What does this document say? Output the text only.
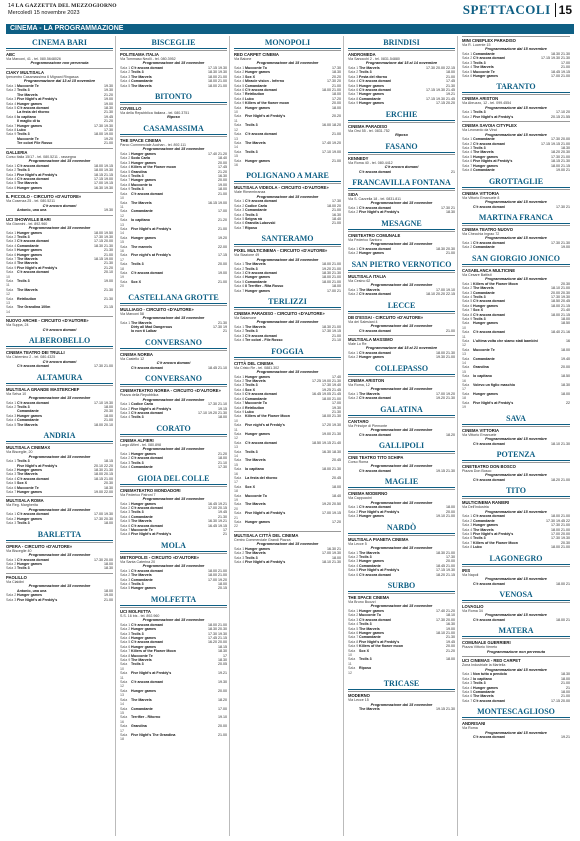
14 LA GAZZETTA DEL MEZZOGIORNO
Mercoledì 15 novembre 2023	SPETTACOLI 15
CINEMA - LA PROGRAMMAZIONE
CINEMA BARI
ABC
Via Marconi, 41 - tel. 080.5648026
Programmazione non pervenuta
CIAKY MULTISALA
Ipercentro Casamassima 6 Mignani Ringasca
Programmazione dal 13 al 15 novembre
Sala 1 Mucconte Te	19.30
Sala 2 Trolls 3	19.30
The Marvels	21.20
Sala 3 Five Night's at Freddy's	19.00
Sala 4 Hunger games	19.00
Sala 5 C'è ancora domani	18.30
La festa del ritorno	21.30
Sala 6 Io capitano	19.45
Il maglio di tu	21.20
Sala 7 Hunger games	17.30 19.30
Sala 8 Lubo	17.30
Sala 9 Trolls 3	18.00 19.00
Mucconte Te	19.20
Tre colori File Rosso	21.00
GALLERIA
Corso Italia 15/17 - tel. 080.5211 - rassegna
Programmazione dal 15 novembre
Sala 1 C'è ancora domani	18.00 19.15
Sala 2 Trolls 3	18.00 19.30
Sala 3 Five Night's at Freddy's	18.15 21.15
Sala 4 C'è ancora domani	17.15 19.00
Sala 5 The Marvels	17.00 19.15
Sala 6 Hunger games	16.30 19.30
IL PICCOLO - CIRCUITO «D'AUTORE»
Via Cosenza 25 - tel. 080.5211
C'è ancora domani
Antonio, una una	19.30
UCI SHOWVILLE BARI
Via Giannini - tel. 892.960
Programmazione dal 15 novembre
Sala 1 Hunger games	18.00 19.50
Sala 2 Trolls 3	17.30 19.30
Sala 3 C'è ancora domani	17.15 20.00
Sala 4 Comandante	18.30 21.30
Sala 5 Hunger games	21.30
Sala 6 Hunger games	21.00
Sala 7 The Marvels	18.15 19.00
Sala 8 The Marvels	21.30
Sala 9 Five Night's at Freddy's	21.20
Sala 10
C'è ancora domani	20.10
Sala 11
Trolls 3	19.00
Sala 12
The Marvels	21.30
Sala 13
Retribution	21.30
Sala 14
The Grandina 100m	21.15
NUOVO ARCHE - CIRCUITO «D'AUTORE»
Via Suppa, 24
C'è ancora domani
ALBEROBELLO
CINEMA TEATRO DEI TRULLI
Via Cisternino 2 - tel. 080.4325
C'è ancora domani
C'è ancora domani	17.30 21.00
ALTAMURA
MULTISALA GRANDE MASTERCHEF
Via Selva 10
Programmazione dal 15 novembre
Sala 1 C'è ancora domani	17.10 19.30
Sala 2 Trolls 3	18.00
Comandante	20.30
Sala 3 Hunger games	18.00
Sala 4 Comandante	21.00
Sala 5 The Marvels	18.00 20.10
ANDRIA
MULTISALA CINEMAX
Via Bisceglie, 20
Programmazione dal 15 novembre
Sala 1 Trolls 3	18.15
Five Night's at Freddy's	20.10 22.20
Sala 2 Hunger games	18.30 21.30
Sala 3 The Marvels	18.00 20.15
Sala 4 C'è ancora domani	18.15 21.00
Sala 5 Sox X	20.30
Sala 6 Mucconte Te	18.30
Sala 7 Hunger games	19.00 22.00
MULTISALA ROMA
Via Reg. Margherita
Programmazione dal 15 novembre
Sala 1 C'è ancora domani	17.00 19.30
Sala 2 Hunger games	17.30 20.30
Sala 3 Trolls 3	18.00
BARLETTA
OPERA - CIRCUITO «D'AUTORE»
Via Bisceglie 40
Programmazione dal 15 novembre
Sala 1 C'è ancora domani	17.30 20.00
Sala 2 Hunger games	18.00
Sala 3 Trolls 3	18.30
PAOLILLO
Via Cialdini
Programmazione dal 15 novembre
Antonio, una una	18.00
Sala 2 Hunger games	19.00
Sala 3 Five Night's at Freddy's	21.00
BISCEGLIE
POLITEAMA ITALIA
Via Tommaso Neolli - tel. 080.3952
Programmazione dal 15 novembre
Sala 1 C'è ancora domani	17.15 19.30
Sala 2 Trolls 3	18.30 19.30
Sala 3 The Marvels	18.00 21.00
Sala 4 Comandante	18.00 21.00
Sala 5 The Marvels	18.00 21.00
BITONTO
COVIELLO
Via della Repubblica Italiana - tel. 080.3751
Riposo
CASAMASSIMA
THE SPACE CINEMA
Parco Commerciale Auchan - tel. 892.111
Programmazione dal 15 novembre
Sala 1 Hunger games	17.40 21.20
Sala 2 Sodo Carla	18.40
Sala 3 Hunger games	20.00
Sala 4 Killers of the Flower moon	17.45
Sala 5 Grandina	21.20
Sala 6 Trolls 3	16.30
Sala 7 Hunger games	20.00
Sala 8 Mucconte to	19.00
Sala 9 Trolls 3	18.00
Sala 10
C'è ancora domani	21.00
Sala 11
The Marvels	16.15 19.00
Sala 12
Comandante	17.00
Sala 13
Io capitano	21.20
Sala 14
Five Night's at Freddy's	21.00
Sala 15
Hunger games	19.20
Sala 16
The marvels	22.00
Sala 17
Five night's at Freddy's	17.15
Sala 18
Trolls 3	20.00
Sala 19
C'è ancora domani	19.00
Sala 20
Sox X	21.00
CASTELLANA GROTTE
MULLIAGO - CIRCUITO «D'AUTORE»
Via Marconi 58
Programmazione dal 15 novembre
Sala 1 The Marvels	21.30
Dirty all Mad Dangerous	17.30 19
Io non ti Lalbar	21
CONVERSANO
CINEMA NORBA
Via Castello 12
C'è ancora domani
C'è ancora domani	18.45 21.10
CONVERSANO
CINEMATEATRO NORBA - CIRCUITO «D'AUTORE»
Piazza della Repubblica
Programmazione dal 15 novembre
Sala 1 Codice Carla	17.30 21.10
Sala 2 Five Night's at Freddy's	19.15
Sala 3 C'è ancora domani	17.10 19.20 21.30
Sala 4 Trolls 3	18.00
CORATO
CINEMA ALFIERI
Largo Alfieri - tel. 080.898
Programmazione dal 15 novembre
Sala 1 Hunger games	21.20
Sala 2 C'è ancora domani	18.00
Sala 3 Trolls 3	21.10
Sala 4 Comandante	17.30
GIOIA DEL COLLE
CINEMATEATRO MONDADORI
Via Federico Patroni 7
Programmazione dal 15 novembre
Sala 1 Hunger games	16.45 19.21
Sala 2 C'è ancora domani	17.00 20.15
Sala 3 Trolls 3	19.45
Sala 4 Comandante	21.30
Sala 5 The Marvels	16.30 19.21
Sala 6 C'è ancora domani	16.45 19.15
Sala 7 Mucconte Te	17
Sala 8 Five Night's at Freddy's	21
MOLA
METROPOLIS - CIRCUITO «D'AUTORE»
Via Santa Caterina 20
Programmazione dal 15 novembre
Sala 1 C'è ancora domani	18.00 21.00
Sala 2 The Marvels	18.00 21.00
Sala 3 Comandante	17.00 19.20
Sala 4 Trolls 3	18.00
Sala 5 Hunger games	20.15
MOLFETTA
UCI MOLFETTA
S.S. 16 bis - tel. 892.960
Programmazione dal 15 novembre
Sala 1 C'è ancora domani	18.00 21.00
Sala 2 Hunger games	18.30 20.30
Sala 3 Trolls 3	17.30 19.30
Sala 4 Hunger games	17.45 21.15
Sala 5 C'è ancora domani	16.20 20.00
Sala 6 Hunger games	18.15
Sala 7 Killers of the Flower Moon	18.30
Sala 8 Mucconte Te	17
Sala 9 The Marvels	18.30
Sala 10
Trolls 3	20.05
Sala 11
Five Night's at Freddy's	19.21
Sala 12
C'è ancora domani	19.30
Sala 13
Hunger games	20.00
Sala 14
The Marvels	18.20
Sala 15
Comandante	17.00
Sala 16
Terrifier - Ritorno	19.10
Sala 17
Grandina	20.00
Sala 18
Five Night's The Grandina	21.00
MONOPOLI
RED CARPET CINEMA
Via Baione
Programmazione dal 15 novembre
Sala 1 Mucconte To	17.30
Sala 2 Hunger games	18.30
Sala 3 Sox X	20.20
Sala 4 Miracle vision - Inferno	17.30 20
Sala 5 Comandante	21.00
Sala 6 C'è ancora domani	18.00 21.00
Sala 7 Retribution	18.00
Sala 8 Lubo	17.20
Sala 9 Killers of the flower moon	20.00
Sala 10
Hunger games	18.00
Sala 11
Five Night's at Freddy's	20.20
Sala 12
Trolls 3	16.00 18.20
Sala 13
C'è ancora domani	21.00
Sala 14
The Marvels	17.40 19.20
Sala 15
Trolls 3	17.10 19.00
Sala 16
Hunger games	21.00
POLIGNANO A MARE
MULTISALA VIDEOLA - CIRCUITO «D'AUTORE»
Viale Rimembranza
Programmazione dal 15 novembre
Sala 1 C'è ancora domani	17.30
Sala 2 Codice Carla	18.00 20
Sala 3 Comandante	21.00
Sala 4 Trolls 3	16.30
Sala 5 Seigna nà	18.40
Sala 6 Grandia Lubovski	21.00
Sala 7 Riposo
SANTERAMO
PIXEL MULTICINEMA - CIRCUITO «D'AUTORE»
Via Stazione 49
Programmazione dal 15 novembre
Sala 1 The Marvels	18.00 21.00
Sala 2 Trolls 3	19.20 21.00
Sala 3 C'è ancora domani	18.30 21.30
Sala 4 Hunger games	18.00 21.00
Sala 5 Comandante	18.00 21.00
Sala 6 Il Terrifier - Rita Rosso	18.00
Sala 7 Hunger games	17.00 21
TERLIZZI
CINEMA PARADISO - CIRCUITO «D'AUTORE»
Via Salamone
Programmazione dal 15 novembre
Sala 1 The Marvels	18.30 21.00
Sala 2 Trolls 3	17.30 19.15
Sala 3 C'è ancora domani	21.00
Sala 4 Tre colori - File Rosso	21.10
FOGGIA
CITTÀ DEL CINEMA
Via Cristo Re - tel. 0881.302
Programmazione dal 15 novembre
Sala 1 Hunger games	17.40
Sala 2 The Marvels	17.25 19.00 21.30
Sala 3 Trolls 3	17.30 19.40
Sala 4 Sox X	19.25 21.45
Sala 5 C'è ancora domani	16.45 19.05 21.45
Sala 6 Comandante	18.00 21.00
Sala 7 Mucconte To	17.00
Sala 8 Retribution	19.30
Sala 9 Lubo	21.30
Sala 10
Killers of the Flower Moon	18.00 21.30
Sala 11
Five night's at Freddy's	17.20 19.30
Sala 12
Hunger games	19.00 21.30
Sala 13
C'è ancora domani	18.50 19.15 21.40
Sala 14
Trolls 3	16.30 18.30
Sala 15
The Marvels	20.45
Sala 16
Io capitano	18.00 21.30
Sala 17
La festa del ritorno	20.45
Sala 18
Sox X	18.00
Sala 19
Mucconte To	18.40
Sala 20
The Marvels	19.20 20.50
Sala 21
Five Night's at Freddy's	17.00 19.15
Sala 22
Hunger games	17.20
MULTISALA CITTÀ DEL CINEMA
Centro Commerciale Grandi Piazza
Programmazione dal 15 novembre
Sala 1 Hunger games	16.30 21
Sala 2 The Marvels	17.00 19.30
Sala 3 Trolls 3	18.00
Sala 4 Five Night's at Freddy's	18.10 21.30
BRINDISI
ANDROMEDA
Via Sanocchi 2 - tel. 0831.54880
Programmazione dal 15 al 14 novembre
Sala 1 The Marvels	17.30 20.00 22.15
Sala 2 Trolls 3	18.00
Sala 3 Festa del ritorno	21.00
Sala 4 C'è ancora domani	17.45
Sala 5 Hunger games	21.30
Sala 6 C'è ancora domani	17.15 19.30 21.45
Sala 7 Hunger games	19.21
Sala 8 Comandante	17.15 19.30 21.45
Sala 9 Hunger games	17.15 20.20
ERCHIE
CINEMA PARADISO
Via Orsi 55 - tel. 0831.752
Riposo
FASANO
KENNEDY
Via Roma 40 - tel. 080.4412
C'è ancora domani
C'è ancora domani	21
FRANCAVILLA FONTANA
SIDA
Via S. Cazzella 18 - tel. 0831.811
Programmazione dal 15 novembre
Sala 1 C'è ancora domani	17.30 21
Sala 2 Five Night's at Freddy's	18.30
MESAGNE
CINETEATRO COMUNALE
Via Federico Santoro
Programmazione dal 15 novembre
Sala 1 C'è ancora domani	18.30 20.30
Sala 2 Hunger games	21.00
SAN PIETRO VERNOTICO
MULTISALA ITALIA
Via Cesino 62
Programmazione dal 15 novembre
Sala 1 The Marvels	17.00 19.10
Sala 2 C'è ancora domani	18.10 20.20 22.15
LECCE
DB D'ESSAI - CIRCUITO «D'AUTORE»
Via dei Salesiani 4
Programmazione dal 15 novembre
C'è ancora domani	21.00
MULTISALA MASSIMO
Viale Lo Re
Programmazione dal 15 al 21 novembre
Sala 1 C'è ancora domani	18.00 21.30
Sala 2 Hunger games	19.30 21.00
COLLEPASSO
CINEMA ARISTON
Via Roma, 12
Programmazione dal 15 novembre
Sala 1 The Marvels	17.00 19.20
Sala 2 C'è ancora domani	19.20 21.30
GALATINA
CANTARO
Via Principe di Piemonte
Programmazione dal 15 novembre
C'è ancora domani	18.20
GALLIPOLI
CINE TEATRO TITO SCHIPA
Corso Roma
Programmazione dal 15 novembre
C'è ancora domani	19.15 21.30
MAGLIE
CINEMA MODERNO
Via Cappuccini
Programmazione dal 15 novembre
Sala 1 C'è ancora domani	18.00
Sala 2 Five Night's at Freddy's	20.00
Sala 3 Hunger games	19.10 21.00
NARDÒ
MULTISALA PIANETA CINEMA
Via Lecce 5
Programmazione dal 15 novembre
Sala 1 The Marvels	18.30 21.00
Sala 2 Trolls 3	17.30
Sala 3 Hunger games	20.00
Sala 4 Comandante	18.45 21.00
Sala 5 Five Night's at Freddy's	17.15 19.30
Sala 6 C'è ancora domani	18.20 21.15
SURBO
THE SPACE CINEMA
Via Bruno Buozzi
Programmazione dal 15 novembre
Sala 1 Hunger games	17.40 21.20
Sala 2 Mucconte To	18.10
Sala 3 C'è ancora domani	17.30 20.00
Sala 4 Trolls 3	16.30
Sala 5 The Marvels	19.00
Sala 6 Hunger games	18.10 21.00
Sala 7 Comandante	21.30
Sala 8 Five Night's at Freddy's	19.45
Sala 9 Killers of the flower moon	20.00
Sala 10
Sox X	21.20
Sala 11
Trolls 3	18.00
Sala 12
Riposo
TRICASE
MODERNO
Via Lecce 15
Programmazione dal 15 novembre
The Marvels	19.15 21.30
MINI CINEPLEX PARADISO
Via R. Lucente 15
Programmazione dal 15 novembre
Sala 1 Comandante	18.30 21.30
Sala 2 C'è ancora domani	17.15 19.30 21.30
Sala 3 Trolls 3	17.00
Sala 4 The Marvels	21.00
Sala 5 Mucconte Te	18.45 19.15
Sala 6 Hunger games	17.00 21.00
TARANTO
CINEMA ARISTON
Via Abruzzo, 12 - tel. 099.4554
Programmazione dal 15 novembre
Sala 1 Trolls 3	17.10 20
Sala 2 Five Night's at Freddy's	20.15 21.55
CINEMA SAVOIA CITYPLEX
Via Leonardo da Vinci
Programmazione dal 15 novembre
Sala 1 Comandante	17.30 20.00
Sala 2 C'è ancora domani	17.15 19.15 21.00
Sala 3 Trolls 3	18.30
Sala 4 The Marvels	18.20 20.30
Sala 5 Hunger games	17.30 21.00
Sala 6 Five Nights at Freddy's	18.15 21.30
Sala 7 Hunger games	18.00 21.15
Sala 8 Comandante	19.00 21
GROTTAGLIE
CINEMA VITTORIA
Via Vittorio Emanuele 8
Programmazione dal 15 novembre
C'è ancora domani	17.30 21
MARTINA FRANCA
CINEMA TEATRO NUOVO
Via Checchia Ingrao 72
Programmazione dal 15 novembre
Sala 1 C'è ancora domani	17.30 21.30
Sala 2 Comandante	19.00
SAN GIORGIO JONICO
CASABLANCA MULTICINE
Via Cesare Battisti
Programmazione dal 15 novembre
Sala 1 Killers of the Flower Moon	20.30
Sala 2 The Marvels	18.10 21.00
Sala 3 Comandante	20.00 20.30
Sala 4 Trolls 3	17.30 19.30
Sala 5 C'è ancora domani	18.50 20.45
Sala 6 Hunger games	18.00 21.15
Sala 7 Sox X	21.40
Sala 8 C'è ancora domani	18.00 21.15
Sala 9 Trolls 3	18.00
Sala 10
Hunger games	18.50
Sala 11
C'è ancora domani	18.40 21.16
Sala 12
L'ultima volta che siamo stati bambini	16
Sala 13
Mucconte Te	18.00
Sala 14
Comandante	19.40
Sala 15
Grandina	20.00
Sala 16
Io capitano	18.50
Sala 17
Volevo un figlio maschio	18.30
Sala 18
Hunger games	18.00
Sala 19
Five Night's at Freddy's	22
SAVA
CINEMA VITTORIA
Via Vittorio Emanuele
Programmazione dal 15 novembre
C'è ancora domani	18.10 21.30
POTENZA
CINETEATRO DON BOSCO
Piazza Don Bosco
Programmazione dal 15 novembre
C'è ancora domani	18.20 21.00
TITO
MULTICINEMA RANIERI
Via Dell'Industria
Programmazione dal 15 novembre
Sala 1 C'è ancora domani	18.00 21.00
Sala 2 Comandante	17.30 19.45 22
Sala 3 Hunger games	17.30 21.00
Sala 4 The Marvels	18.00 21.00
Sala 5 Five Night's at Freddy's	17.00 20.00
Sala 6 Trolls 3	17.30 19.30
Sala 7 Killers of the Flower Moon	20.30
Sala 8 Lubo	18.00 21.00
LAGONEGRO
IRIS
Via Napoli
Programmazione dal 15 novembre
C'è ancora domani	18.00 21
VENOSA
LOVAGLIO
Via Roma 34
Programmazione dal 15 novembre
C'è ancora domani	18.00 21
MATERA
COMUNALE GUERRIERI
Piazza Vittorio Veneto
Programmazione non pervenuta
UCI CINEMAS - RED CARPET
Zona Industriale la Martella
Programmazione dal 15 novembre
Sala 1 Non tutto a pendolo	18.30
Sala 2 Io capitano	18.00
Sala 3 Trolls 3	21.00
Sala 4 Hunger games	21
Sala 5 Comandante	18.00
Sala 6 The Marvels	21.00
Sala 7 C'è ancora domani	17.15 20.00
MONTESCAGLIOSO
ANDRISANI
Via Roma
Programmazione dal 15 novembre
C'è ancora domani	19.21
